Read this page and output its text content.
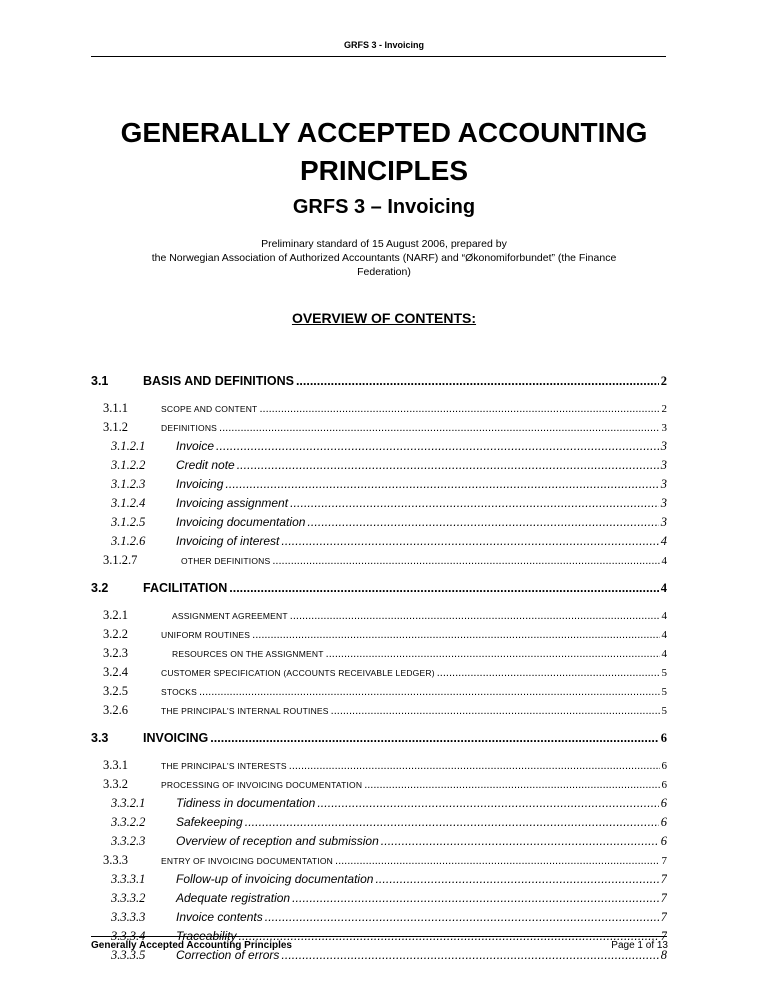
GRFS 3 - Invoicing
GENERALLY ACCEPTED ACCOUNTING
PRINCIPLES
GRFS 3 – Invoicing
Preliminary standard of 15 August 2006, prepared by
the Norwegian Association of Authorized Accountants (NARF) and “Økonomiforbundet” (the Finance
Federation)
OVERVIEW OF CONTENTS:
3.1	BASIS AND DEFINITIONS .....	2
3.1.1	SCOPE AND CONTENT .....	2
3.1.2	DEFINITIONS .....	3
3.1.2.1	Invoice .....	3
3.1.2.2	Credit note .....	3
3.1.2.3	Invoicing .....	3
3.1.2.4	Invoicing assignment .....	3
3.1.2.5	Invoicing documentation .....	3
3.1.2.6	Invoicing of interest .....	4
3.1.2.7	OTHER DEFINITIONS .....	4
3.2	FACILITATION .....	4
3.2.1	ASSIGNMENT AGREEMENT .....	4
3.2.2	UNIFORM ROUTINES .....	4
3.2.3	RESOURCES ON THE ASSIGNMENT .....	4
3.2.4	CUSTOMER SPECIFICATION (ACCOUNTS RECEIVABLE LEDGER) .....	5
3.2.5	STOCKS .....	5
3.2.6	THE PRINCIPAL’S INTERNAL ROUTINES .....	5
3.3	INVOICING .....	6
3.3.1	THE PRINCIPAL’S INTERESTS .....	6
3.3.2	PROCESSING OF INVOICING DOCUMENTATION .....	6
3.3.2.1	Tidiness in documentation .....	6
3.3.2.2	Safekeeping .....	6
3.3.2.3	Overview of reception and submission .....	6
3.3.3	ENTRY OF INVOICING DOCUMENTATION .....	7
3.3.3.1	Follow-up of invoicing documentation .....	7
3.3.3.2	Adequate registration .....	7
3.3.3.3	Invoice contents .....	7
3.3.3.4	Traceability .....	7
3.3.3.5	Correction of errors .....	8
Generally Accepted Accounting Principles	Page 1 of 13
